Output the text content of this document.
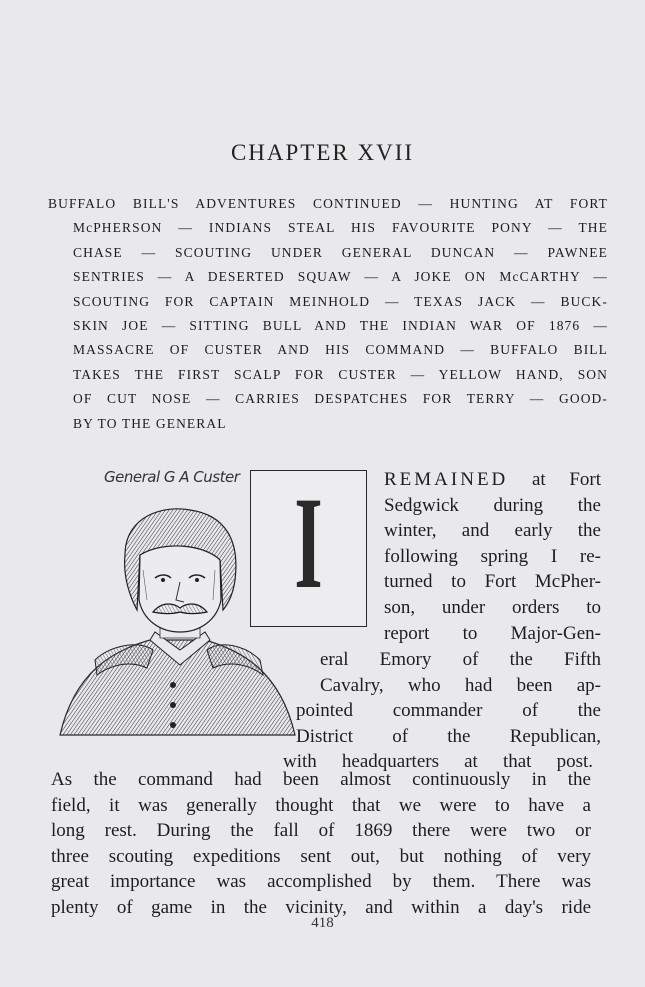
CHAPTER XVII
BUFFALO BILL'S ADVENTURES CONTINUED — HUNTING AT FORT
McPHERSON — INDIANS STEAL HIS FAVOURITE PONY — THE
CHASE — SCOUTING UNDER GENERAL DUNCAN — PAWNEE
SENTRIES — A DESERTED SQUAW — A JOKE ON McCARTHY —
SCOUTING FOR CAPTAIN MEINHOLD — TEXAS JACK — BUCK-
SKIN JOE — SITTING BULL AND THE INDIAN WAR OF 1876 —
MASSACRE OF CUSTER AND HIS COMMAND — BUFFALO BILL
TAKES THE FIRST SCALP FOR CUSTER — YELLOW HAND, SON
OF CUT NOSE — CARRIES DESPATCHES FOR TERRY — GOOD-
BY TO THE GENERAL
General G A Custer I	REMAINED at Fort
Sedgwick during the
winter, and early the
following spring I re-
turned to Fort McPher-
son, under orders to
report to Major-Gen-
eral Emory of the Fifth
Cavalry, who had been ap-
pointed commander of the
District of the Republican,
with headquarters at that post.
As the command had been almost continuously in the
field, it was generally thought that we were to have a
long rest. During the fall of 1869 there were two or
three scouting expeditions sent out, but nothing of very
great importance was accomplished by them. There was
plenty of game in the vicinity, and within a day's ride
418
